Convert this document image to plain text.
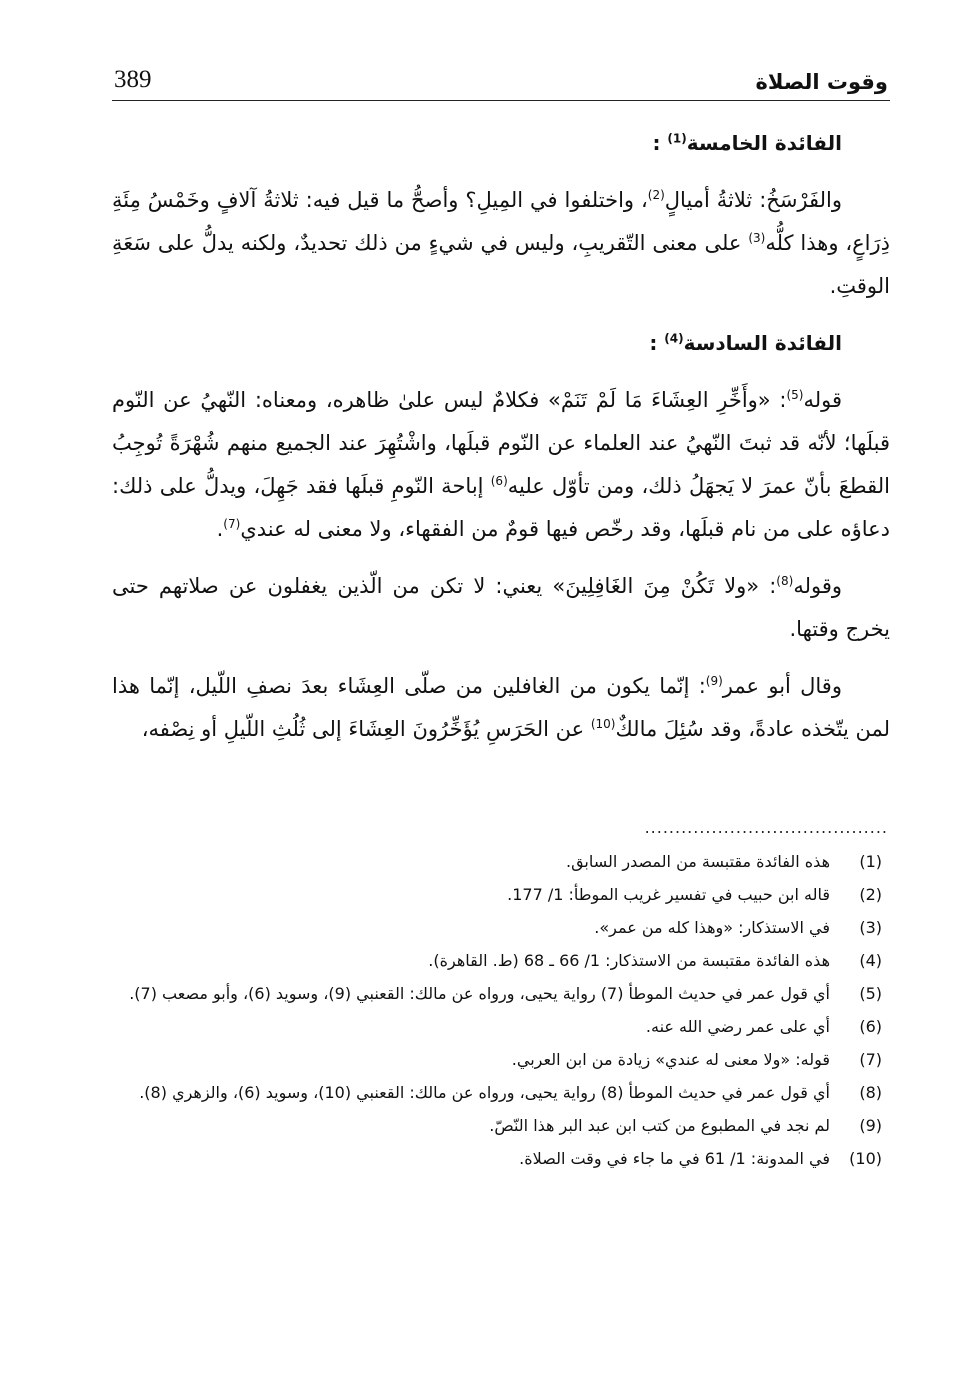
389	وقوت الصلاة
الفائدة الخامسة$^{(1)}$ :

والفَرْسَخُ: ثلاثةُ أميالٍ$^{(2)}$، واختلفوا في المِيلِ؟ وأصحُّ ما قيل فيه: ثلاثةُ آلافٍ وخَمْسُ مِئَةِ ذِرَاعٍ، وهذا كلُّه$^{(3)}$ على معنى التّقريبِ، وليس في شيءٍ من ذلك تحديدٌ، ولكنه يدلُّ على سَعَةِ الوقتِ.

الفائدة السادسة$^{(4)}$ :

قوله$^{(5)}$: «وأَخِّرِ العِشَاءَ مَا لَمْ تَنَمْ» فكلامٌ ليس علىٰ ظاهره، ومعناه: النّهيُ عن النّوم قبلَها؛ لأنّه قد ثبتَ النّهيُ عند العلماء عن النّوم قبلَها، واشْتُهِرَ عند الجميع منهم شُهْرَةً تُوجِبُ القطعَ بأنّ عمرَ لا يَجهَلُ ذلك، ومن تأوّل عليه$^{(6)}$ إباحة النّومِ قبلَها فقد جَهِلَ، ويدلُّ على ذلك: دعاؤه على من نام قبلَها، وقد رخّص فيها قومٌ من الفقهاء، ولا معنى له عندي$^{(7)}$.

وقوله$^{(8)}$: «ولا تَكُنْ مِنَ الغَافِلِينَ» يعني: لا تكن من الّذين يغفلون عن صلاتهم حتى يخرج وقتها.

وقال أبو عمر$^{(9)}$: إنّما يكون من الغافلين من صلّى العِشَاء بعدَ نصفِ اللّيل، إنّما هذا لمن يتّخذه عادةً، وقد سُئِلَ مالكٌ$^{(10)}$ عن الحَرَسِ يُؤَخِّرُونَ العِشَاءَ إلى ثُلُثِ اللّيلِ أو نِصْفه،

........................................
(1)
هذه الفائدة مقتبسة من المصدر السابق.
(2)
قاله ابن حبيب في تفسير غريب الموطأ: 1/ 177.
(3)
في الاستذكار: «وهذا كله من عمر».
(4)
هذه الفائدة مقتبسة من الاستذكار: 1/ 66 ـ 68 (ط. القاهرة).
(5)
أي قول عمر في حديث الموطأ (7) رواية يحيى، ورواه عن مالك: القعنبي (9)، وسويد (6)، وأبو مصعب (7).
(6)
أي على عمر رضي الله عنه.
(7)
قوله: «ولا معنى له عندي» زيادة من ابن العربي.
(8)
أي قول عمر في حديث الموطأ (8) رواية يحيى، ورواه عن مالك: القعنبي (10)، وسويد (6)، والزهري (8).
(9)
لم نجد في المطبوع من كتب ابن عبد البر هذا النّصّ.
(10)
في المدونة: 1/ 61 في ما جاء في وقت الصلاة.
